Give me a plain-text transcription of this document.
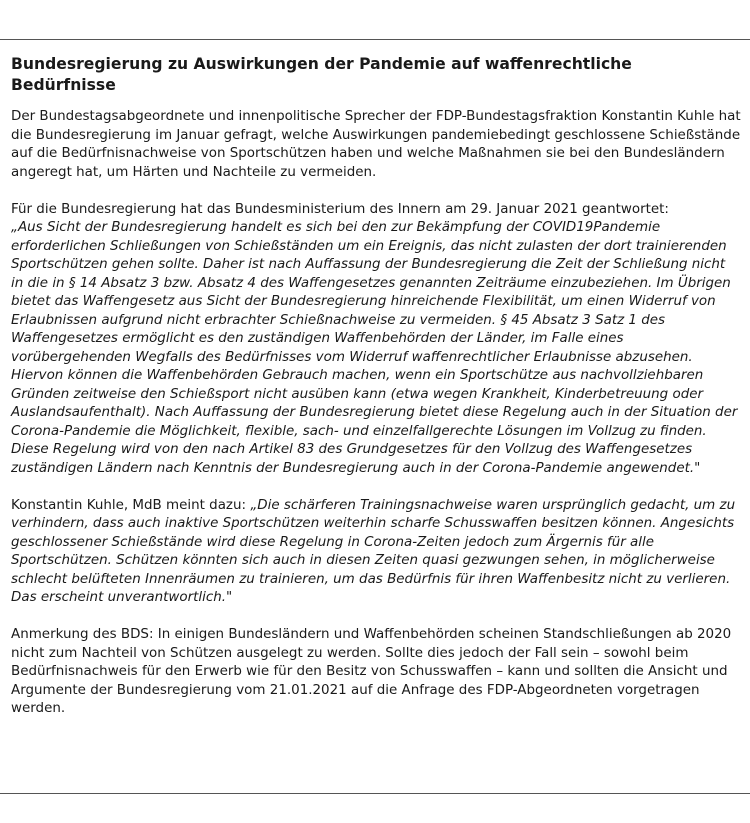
Bundesregierung zu Auswirkungen der Pandemie auf waffenrechtliche Bedürfnisse

Der Bundestagsabgeordnete und innenpolitische Sprecher der FDP-Bundestagsfraktion Konstantin Kuhle hat die Bundesregierung im Januar gefragt, welche Auswirkungen pandemiebedingt geschlossene Schießstände auf die Bedürfnisnachweise von Sportschützen haben und welche Maßnahmen sie bei den Bundesländern angeregt hat, um Härten und Nachteile zu vermeiden.

Für die Bundesregierung hat das Bundesministerium des Innern am 29. Januar 2021 geantwortet:
„Aus Sicht der Bundesregierung handelt es sich bei den zur Bekämpfung der COVID19Pandemie erforderlichen Schließungen von Schießständen um ein Ereignis, das nicht zulasten der dort trainierenden Sportschützen gehen sollte. Daher ist nach Auffassung der Bundesregierung die Zeit der Schließung nicht in die in § 14 Absatz 3 bzw. Absatz 4 des Waffengesetzes genannten Zeiträume einzubeziehen. Im Übrigen bietet das Waffengesetz aus Sicht der Bundesregierung hinreichende Flexibilität, um einen Widerruf von Erlaubnissen aufgrund nicht erbrachter Schießnachweise zu vermeiden. § 45 Absatz 3 Satz 1 des Waffengesetzes ermöglicht es den zuständigen Waffenbehörden der Länder, im Falle eines vorübergehenden Wegfalls des Bedürfnisses vom Widerruf waffenrechtlicher Erlaubnisse abzusehen. Hiervon können die Waffenbehörden Gebrauch machen, wenn ein Sportschütze aus nachvollziehbaren Gründen zeitweise den Schießsport nicht ausüben kann (etwa wegen Krankheit, Kinderbetreuung oder Auslandsaufenthalt). Nach Auffassung der Bundesregierung bietet diese Regelung auch in der Situation der Corona-Pandemie die Möglichkeit, flexible, sach- und einzelfallgerechte Lösungen im Vollzug zu finden. Diese Regelung wird von den nach Artikel 83 des Grundgesetzes für den Vollzug des Waffengesetzes zuständigen Ländern nach Kenntnis der Bundesregierung auch in der Corona-Pandemie angewendet."

Konstantin Kuhle, MdB meint dazu: „Die schärferen Trainingsnachweise waren ursprünglich gedacht, um zu verhindern, dass auch inaktive Sportschützen weiterhin scharfe Schusswaffen besitzen können. Angesichts geschlossener Schießstände wird diese Regelung in Corona-Zeiten jedoch zum Ärgernis für alle Sportschützen. Schützen könnten sich auch in diesen Zeiten quasi gezwungen sehen, in möglicherweise schlecht belüfteten Innenräumen zu trainieren, um das Bedürfnis für ihren Waffenbesitz nicht zu verlieren. Das erscheint unverantwortlich."

Anmerkung des BDS: In einigen Bundesländern und Waffenbehörden scheinen Standschließungen ab 2020 nicht zum Nachteil von Schützen ausgelegt zu werden. Sollte dies jedoch der Fall sein – sowohl beim Bedürfnisnachweis für den Erwerb wie für den Besitz von Schusswaffen – kann und sollten die Ansicht und Argumente der Bundesregierung vom 21.01.2021 auf die Anfrage des FDP-Abgeordneten vorgetragen werden.
